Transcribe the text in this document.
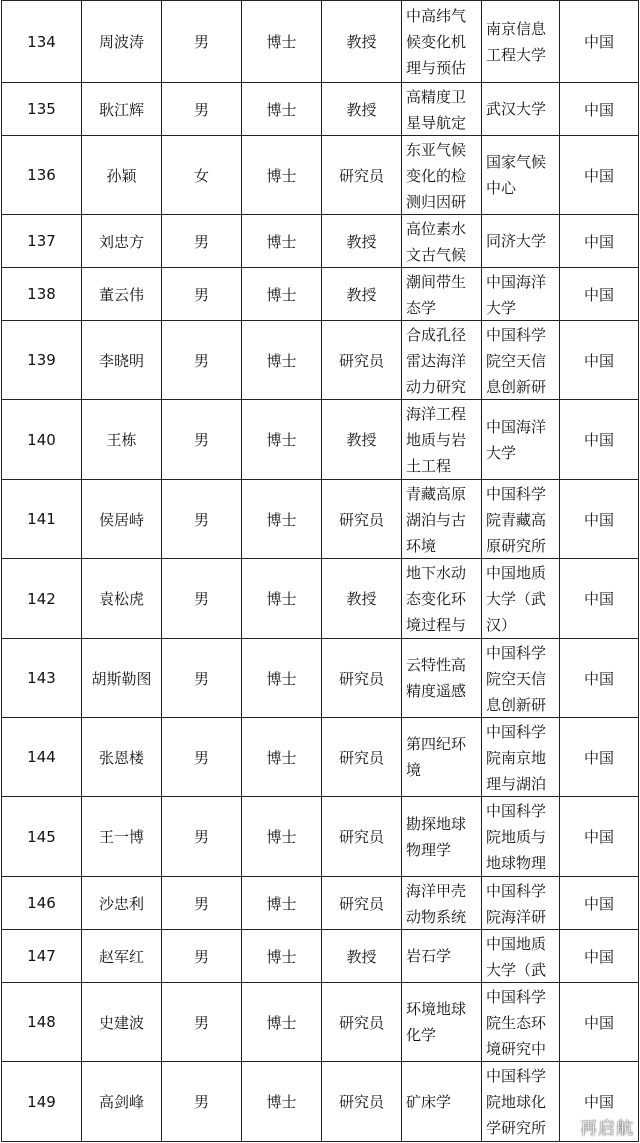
134	周波涛	男	博士	教授	中高纬气候变化机理与预估	南京信息工程大学	中国
135	耿江辉	男	博士	教授	高精度卫星导航定	武汉大学	中国
136	孙颖	女	博士	研究员	东亚气候变化的检测归因研	国家气候中心	中国
137	刘忠方	男	博士	教授	高位素水文古气候	同济大学	中国
138	董云伟	男	博士	教授	潮间带生态学	中国海洋大学	中国
139	李晓明	男	博士	研究员	合成孔径雷达海洋动力研究	中国科学院空天信息创新研	中国
140	王栋	男	博士	教授	海洋工程地质与岩土工程	中国海洋大学	中国
141	侯居峙	男	博士	研究员	青藏高原湖泊与古环境	中国科学院青藏高原研究所	中国
142	袁松虎	男	博士	教授	地下水动态变化环境过程与	中国地质大学（武汉）	中国
143	胡斯勒图	男	博士	研究员	云特性高精度遥感	中国科学院空天信息创新研	中国
144	张恩楼	男	博士	研究员	第四纪环境	中国科学院南京地理与湖泊	中国
145	王一博	男	博士	研究员	勘探地球物理学	中国科学院地质与地球物理	中国
146	沙忠利	男	博士	研究员	海洋甲壳动物系统	中国科学院海洋研	中国
147	赵军红	男	博士	教授	岩石学	中国地质大学（武	中国
148	史建波	男	博士	研究员	环境地球化学	中国科学院生态环境研究中	中国
149	高剑峰	男	博士	研究员	矿床学	中国科学院地球化学研究所	中国
再启航
